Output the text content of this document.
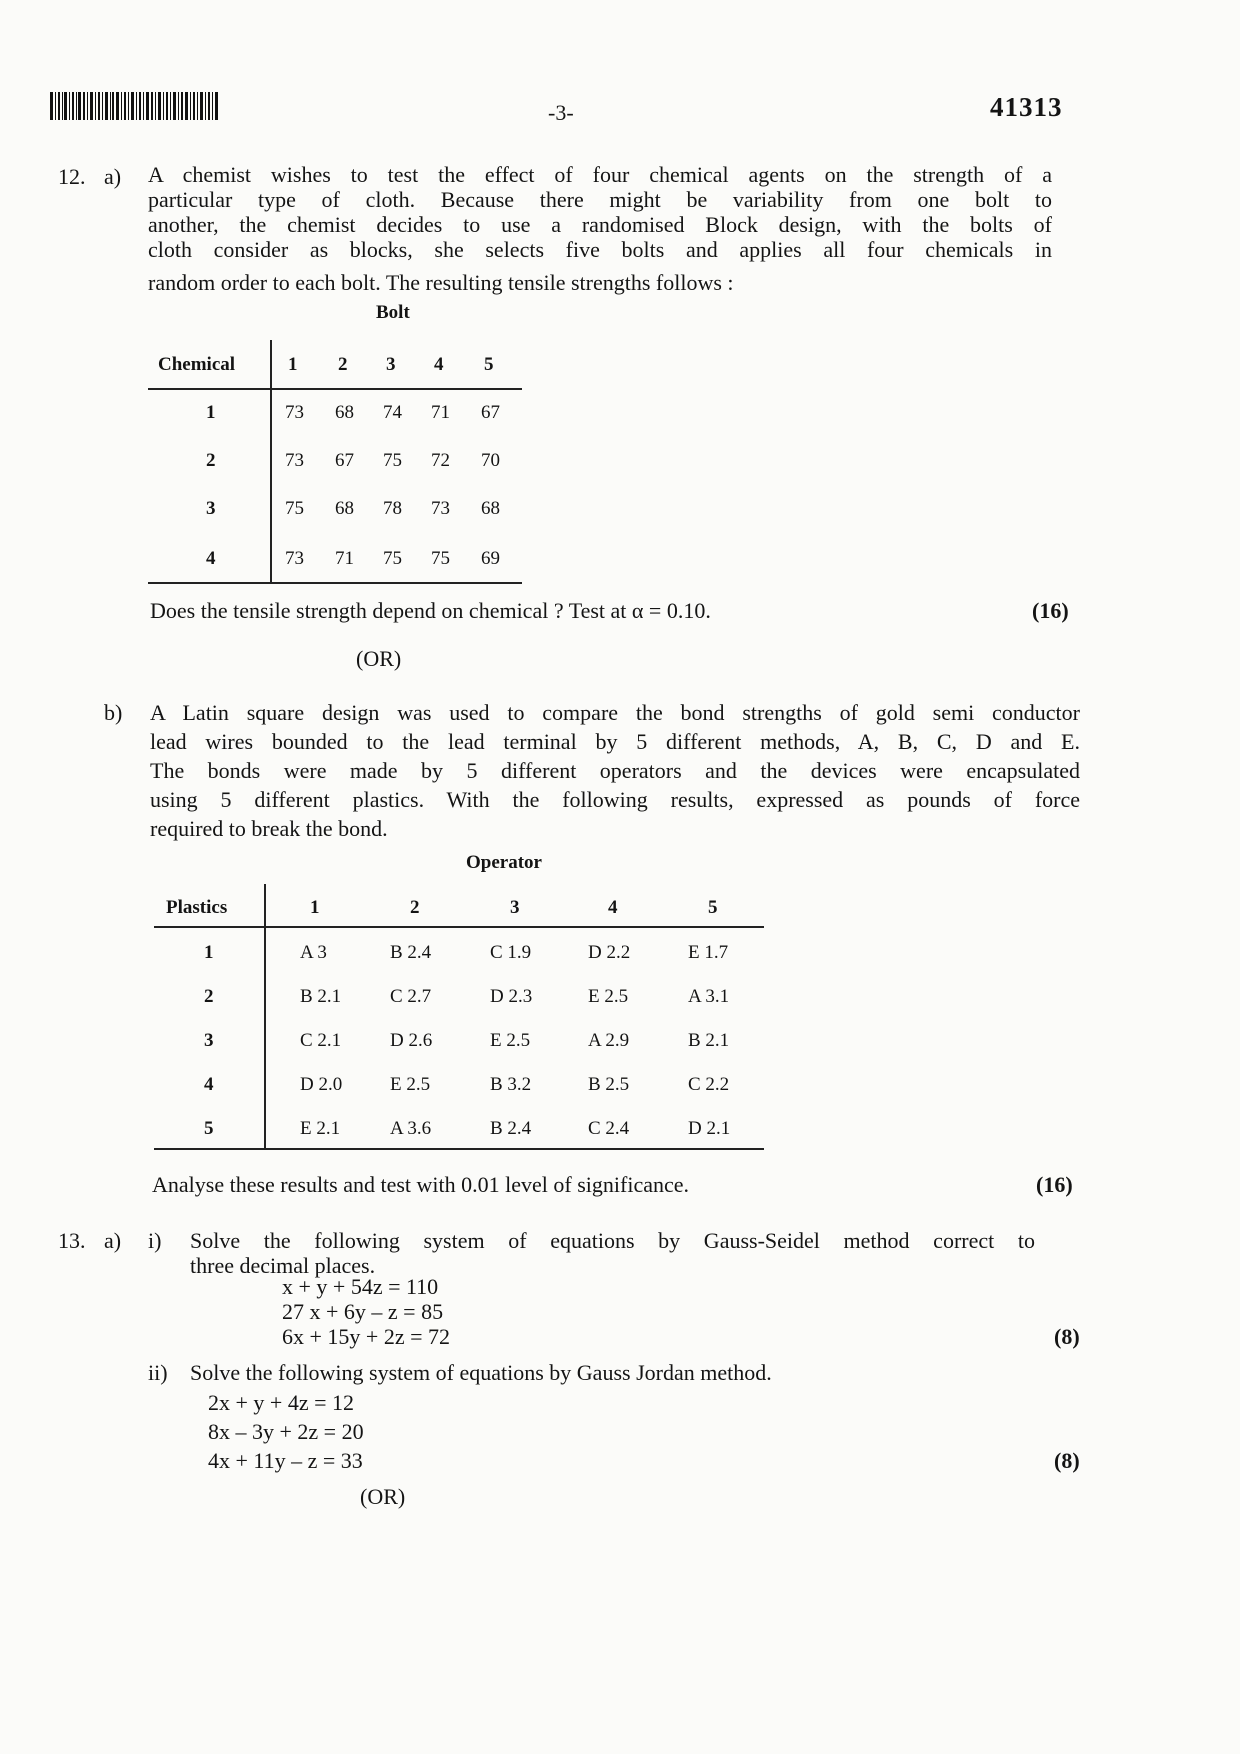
-3-	41313
12. a) A chemist wishes to test the effect of four chemical agents on the strength of a
particular type of cloth. Because there might be variability from one bolt to
another, the chemist decides to use a randomised Block design, with the bolts of
cloth consider as blocks, she selects five bolts and applies all four chemicals in
random order to each bolt. The resulting tensile strengths follows :
Bolt
Chemical	1 2 3 4 5
1	73 68 74 71 67
2	73 67 75 72 70
3	75 68 78 73 68
4	73 71 75 75 69
Does the tensile strength depend on chemical ? Test at α = 0.10.	(16)
(OR)
b) A Latin square design was used to compare the bond strengths of gold semi conductor
lead wires bounded to the lead terminal by 5 different methods, A, B, C, D and E.
The bonds were made by 5 different operators and the devices were encapsulated
using 5 different plastics. With the following results, expressed as pounds of force
required to break the bond.
Operator
Plastics	1	2	3	4	5
1	A 3	B 2.4	C 1.9	D 2.2	E 1.7
2	B 2.1	C 2.7	D 2.3	E 2.5	A 3.1
3	C 2.1	D 2.6	E 2.5	A 2.9	B 2.1
4	D 2.0	E 2.5	B 3.2	B 2.5	C 2.2
5	E 2.1	A 3.6	B 2.4	C 2.4	D 2.1
Analyse these results and test with 0.01 level of significance.	(16)
13. a) i) Solve the following system of equations by Gauss-Seidel method correct to
three decimal places.
x + y + 54z = 110
27 x + 6y – z = 85
6x + 15y + 2z = 72	(8)
ii) Solve the following system of equations by Gauss Jordan method.
2x + y + 4z = 12
8x – 3y + 2z = 20
4x + 11y – z = 33	(8)
(OR)
